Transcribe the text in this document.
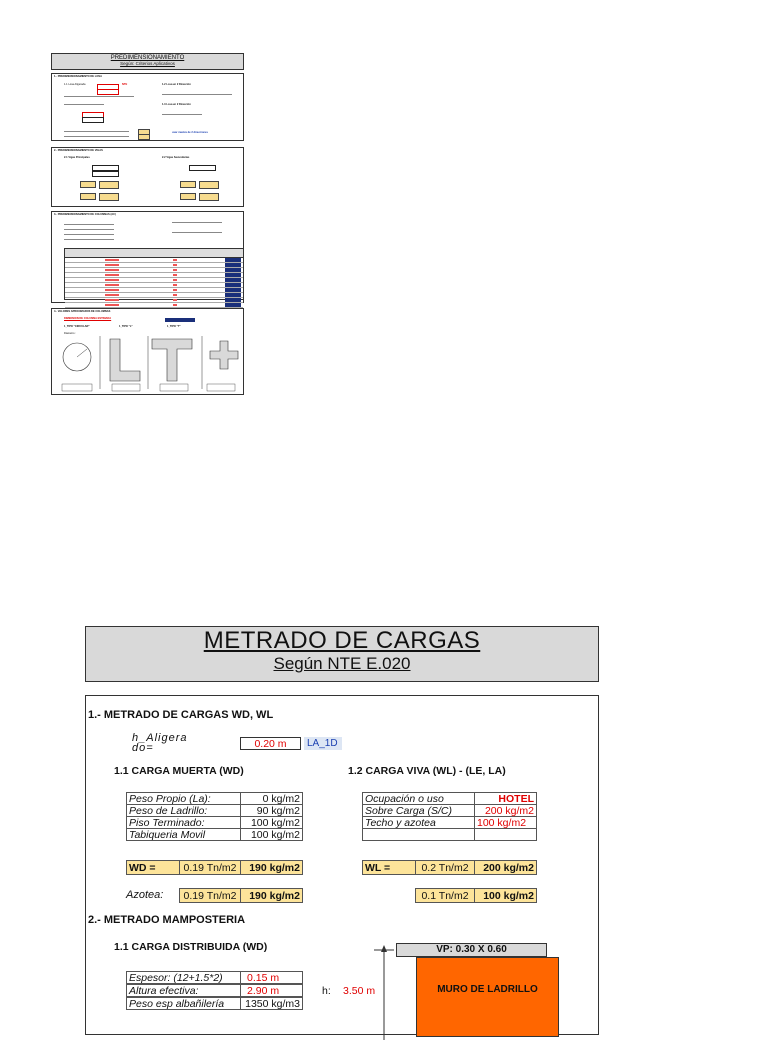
PREDIMENSIONAMIENTO
Según: Criterios Aplicativos
1.- PREDIMENSIONAMIENTO DE LOSA
1.1 Losa Aligerada	NTE	1.2 Losa en 2 Dirección
1.3 Losa en 2 Dirección
usar maciza de 2 direcciones
2.- PREDIMENSIONAMIENTO DE VIGAS
2.1 Vigas Principales	2.2 Vigas Secundarias
3.- PREDIMENSIONAMIENTO DE COLUMNAS (AC)
4.- VALORES APROXIMADOS DE COLUMNAS
DIMENSION DE COLUMNA ESTIMADA
1_TIPO "CIRCULAR"	1_TIPO "L"	1_TIPO "T"
Diametro :
METRADO DE CARGAS
Según NTE E.020
1.- METRADO DE CARGAS WD, WL
h_Aligera
do=	0.20 m	LA_1D
1.1 CARGA MUERTA (WD)
Peso Propio (La):	0 kg/m2
Peso de Ladrillo:	90 kg/m2
Piso Terminado:	100 kg/m2
Tabiqueria Movil	100 kg/m2
WD =	0.19 Tn/m2	190 kg/m2
Azotea:	0.19 Tn/m2	190 kg/m2
1.2 CARGA VIVA (WL) - (LE, LA)
Ocupación o uso	HOTEL
Sobre Carga (S/C)	200 kg/m2
Techo y azotea	100 kg/m2
WL =	0.2 Tn/m2	200 kg/m2
0.1 Tn/m2	100 kg/m2
2.- METRADO MAMPOSTERIA
1.1 CARGA DISTRIBUIDA (WD)
Espesor: (12+1.5*2)	0.15 m
Altura efectiva:	2.90 m
Peso esp albañilería	1350 kg/m3
h: 3.50 m
VP: 0.30 X 0.60
MURO DE LADRILLO
